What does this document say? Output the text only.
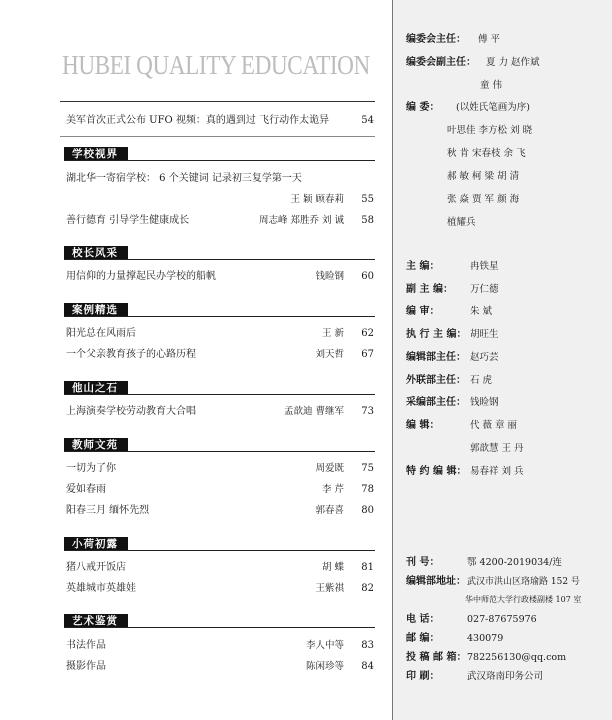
HUBEI QUALITY EDUCATION
美军首次正式公布 UFO 视频：真的遇到过 飞行动作太诡异	54
学校视界
湖北华一寄宿学校： 6 个关键词 记录初三复学第一天
王 颖 顾春莉	55
善行德育 引导学生健康成长	周志峰 郑胜乔 刘 诚	58
校长风采
用信仰的力量撑起民办学校的船帆	钱睑钢	60
案例精选
阳光总在风雨后	王 新	62
一个父亲教育孩子的心路历程	刘天哲	67
他山之石
上海演奏学校劳动教育大合唱	孟歆迪 曹继军	73
教师文苑
一切为了你	周爱既	75
爱如春雨	李 芹	78
阳春三月 缅怀先烈	郭春喜	80
小荷初露
猪八戒开饭店	胡 蝶	81
英雄城市英雄娃	王紫祺	82
艺术鉴赏
书法作品	李人中等	83
摄影作品	陈闲珍等	84
编委会主任： 傅 平
编委会副主任： 夏 力 赵作斌
童 伟
编 委： (以姓氏笔画为序)
叶思佳 李方松 刘 晓
秋 肯 宋春枝 余 飞
郝 敏 柯 梁 胡 清
张 焱 贾 军 颜 海
植耀兵
主 编：	冉铁星
副 主 编： 万仁德
编 审：	朱 斌
执 行 主 编： 胡旺生
编辑部主任： 赵巧芸
外联部主任： 石 虎
采编部主任： 钱睑钢
编 辑：	代 薇 章 丽
郭歆慧 王 丹
特 约 编 辑： 易春祥 刘 兵
刊 号：	鄂 4200-2019034/连
编辑部地址： 武汉市洪山区珞瑜路 152 号
华中师范大学行政楼副楼 107 室
电 话：	027-87675976
邮 编：	430079
投 稿 邮 箱： 782256130@qq.com
印 刷：	武汉珞南印务公司
